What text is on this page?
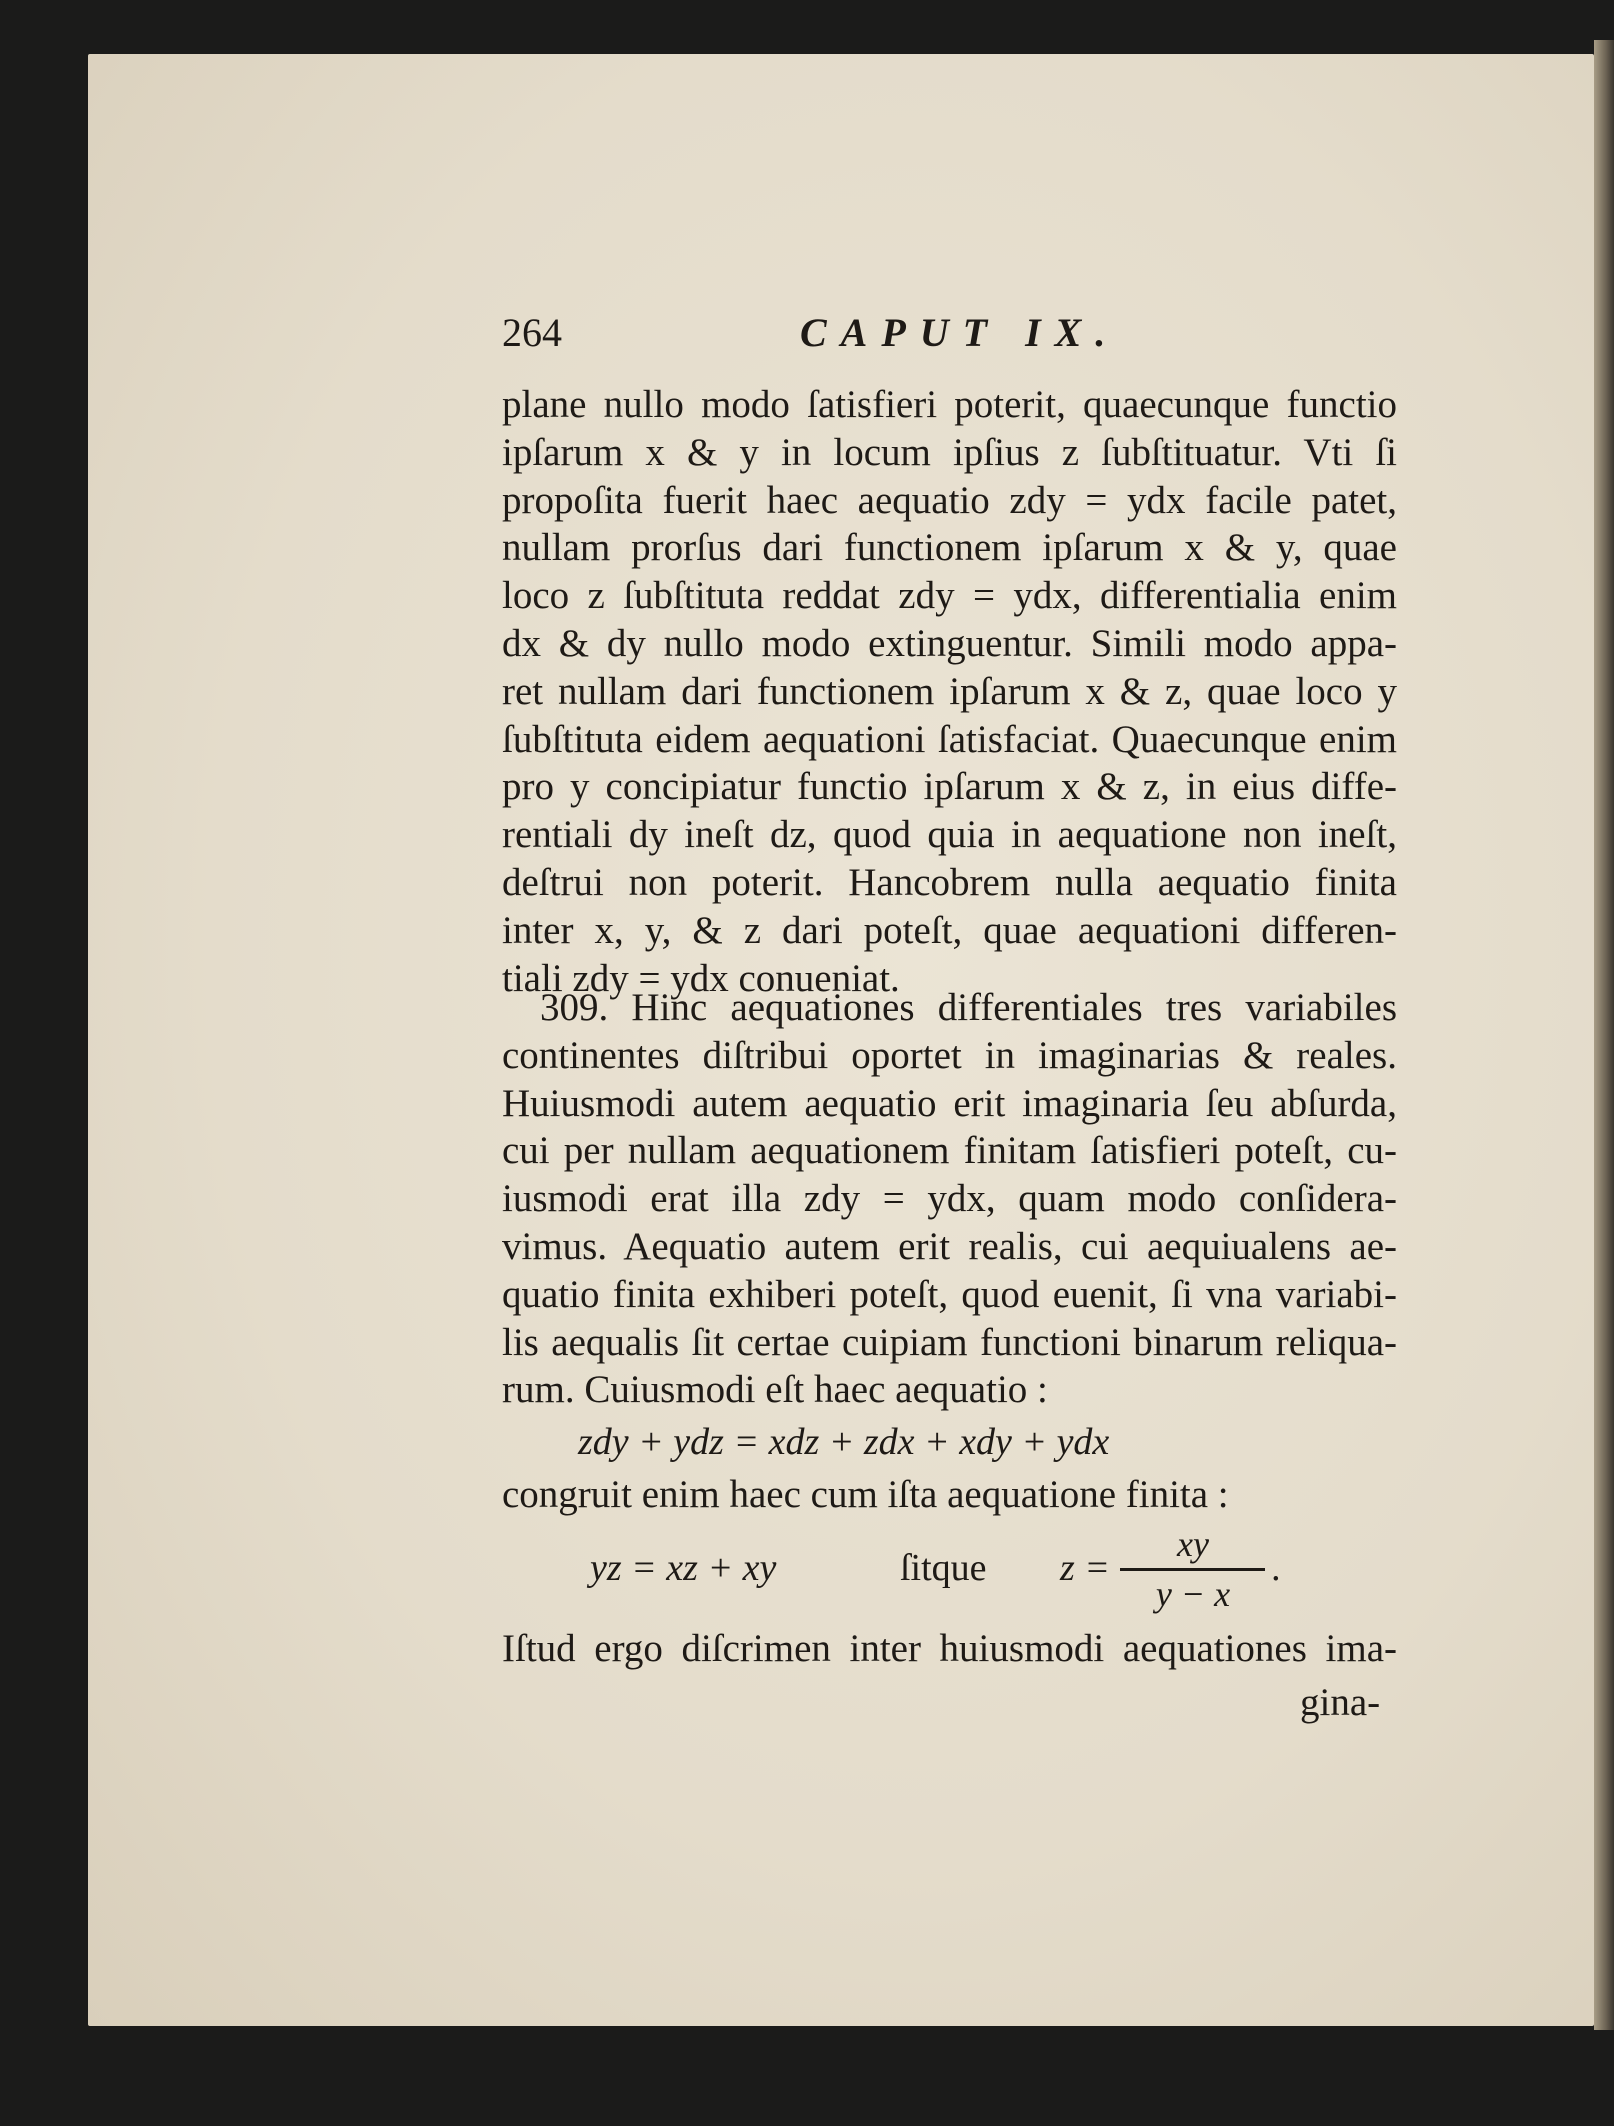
264	CAPUT IX.
plane nullo modo ſatisfieri poterit, quaecunque functio
ipſarum x & y in locum ipſius z ſubſtituatur. Vti ſi
propoſita fuerit haec aequatio zdy = ydx facile patet,
nullam prorſus dari functionem ipſarum x & y, quae
loco z ſubſtituta reddat zdy = ydx, differentialia enim
dx & dy nullo modo extinguentur. Simili modo appa-
ret nullam dari functionem ipſarum x & z, quae loco y
ſubſtituta eidem aequationi ſatisfaciat. Quaecunque enim
pro y concipiatur functio ipſarum x & z, in eius diffe-
rentiali dy ineſt dz, quod quia in aequatione non ineſt,
deſtrui non poterit. Hancobrem nulla aequatio finita
inter x, y, & z dari poteſt, quae aequationi differen-
tiali zdy = ydx conueniat.
309. Hinc aequationes differentiales tres variabiles
continentes diſtribui oportet in imaginarias & reales.
Huiusmodi autem aequatio erit imaginaria ſeu abſurda,
cui per nullam aequationem finitam ſatisfieri poteſt, cu-
iusmodi erat illa zdy = ydx, quam modo conſidera-
vimus. Aequatio autem erit realis, cui aequiualens ae-
quatio finita exhiberi poteſt, quod euenit, ſi vna variabi-
lis aequalis ſit certae cuipiam functioni binarum reliqua-
rum. Cuiusmodi eſt haec aequatio :
zdy + ydz = xdz + zdx + xdy + ydx
congruit enim haec cum iſta aequatione finita :
yz = xz + xy	ſitque z =
xy
y − x
.
Iſtud ergo diſcrimen inter huiusmodi aequationes ima-
gina-
